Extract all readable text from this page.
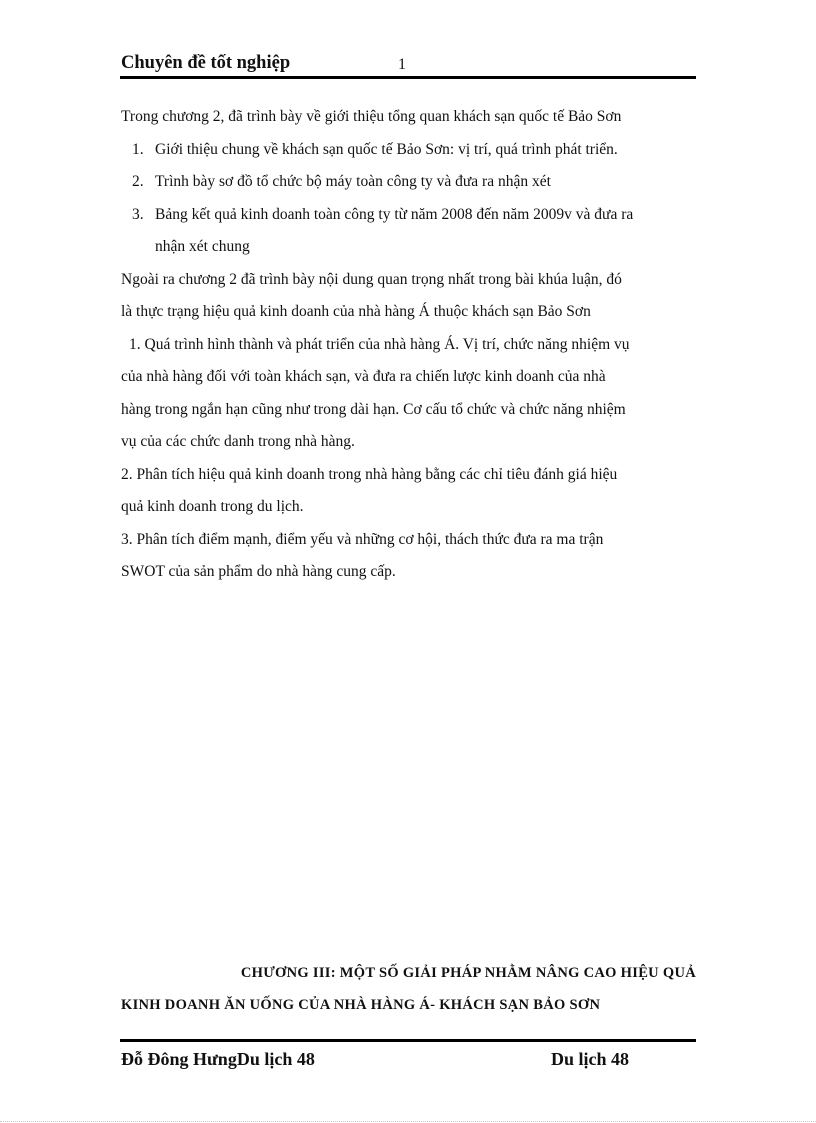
Chuyên đề tốt nghiệp	1

Trong chương 2, đã trình bày về giới thiệu tổng quan khách sạn quốc tế Bảo Sơn

1. Giới thiệu chung về khách sạn quốc tế Bảo Sơn: vị trí, quá trình phát triển.

2. Trình bày sơ đồ tổ chức bộ máy toàn công ty và đưa ra nhận xét

3. Bảng kết quả kinh doanh toàn công ty từ năm 2008 đến năm 2009v và đưa ra
nhận xét chung

Ngoài ra chương 2 đã trình bày nội dung quan trọng nhất trong bài khúa luận, đó

là thực trạng hiệu quả kinh doanh của nhà hàng Á thuộc khách sạn Bảo Sơn

1. Quá trình hình thành và phát triển của nhà hàng Á. Vị trí, chức năng nhiệm vụ

của nhà hàng đối với toàn khách sạn, và đưa ra chiến lược kinh doanh của nhà

hàng trong ngắn hạn cũng như trong dài hạn. Cơ cấu tổ chức và chức năng nhiệm

vụ của các chức danh trong nhà hàng.

2. Phân tích hiệu quả kinh doanh trong nhà hàng bằng các chỉ tiêu đánh giá hiệu

quả kinh doanh trong du lịch.

3. Phân tích điểm mạnh, điểm yếu và những cơ hội, thách thức đưa ra ma trận

SWOT của sản phẩm do nhà hàng cung cấp.

CHƯƠNG III: MỘT SỐ GIẢI PHÁP NHẰM NÂNG CAO HIỆU QUẢ
KINH DOANH ĂN UỐNG CỦA NHÀ HÀNG Á- KHÁCH SẠN BẢO SƠN
Đỗ Đông HưngDu lịch 48	Du lịch 48
